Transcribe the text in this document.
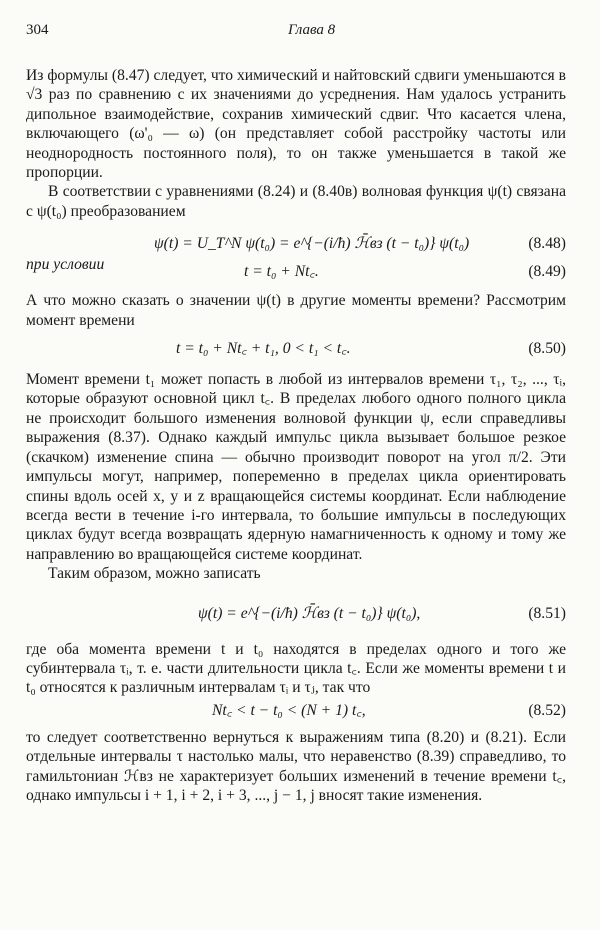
304	Глава 8

Из формулы (8.47) следует, что химический и найтовский сдвиги уменьшаются в √3 раз по сравнению с их значениями до усреднения. Нам удалось устранить дипольное взаимодействие, сохранив химический сдвиг. Что касается члена, включающего (ω'₀ — ω) (он представляет собой расстройку частоты или неоднородность постоянного поля), то он также уменьшается в такой же пропорции.

В соответствии с уравнениями (8.24) и (8.40в) волновая функция ψ(t) связана с ψ(t₀) преобразованием

ψ(t) = U_T^N ψ(t₀) = e^{−(i/ħ) ℋ̄вз (t − t₀)} ψ(t₀)	(8.48)
при условии	t = t₀ + Nt꜀.	(8.49)

А что можно сказать о значении ψ(t) в другие моменты времени? Рассмотрим момент времени

t = t₀ + Nt꜀ + t₁, 0 < t₁ < t꜀.	(8.50)

Момент времени t₁ может попасть в любой из интервалов времени τ₁, τ₂, ..., τᵢ, которые образуют основной цикл t꜀. В пределах любого одного полного цикла не происходит большого изменения волновой функции ψ, если справедливы выражения (8.37). Однако каждый импульс цикла вызывает большое резкое (скачком) изменение спина — обычно производит поворот на угол π/2. Эти импульсы могут, например, попеременно в пределах цикла ориентировать спины вдоль осей x, y и z вращающейся системы координат. Если наблюдение всегда вести в течение i-го интервала, то большие импульсы в последующих циклах будут всегда возвращать ядерную намагниченность к одному и тому же направлению во вращающейся системе координат.

Таким образом, можно записать

ψ(t) = e^{−(i/ħ) ℋ̄вз (t − t₀)} ψ(t₀),	(8.51)

где оба момента времени t и t₀ находятся в пределах одного и того же субинтервала τᵢ, т. е. части длительности цикла t꜀. Если же моменты времени t и t₀ относятся к различным интервалам τᵢ и τⱼ, так что

Nt꜀ < t − t₀ < (N + 1) t꜀,	(8.52)

то следует соответственно вернуться к выражениям типа (8.20) и (8.21). Если отдельные интервалы τ настолько малы, что неравенство (8.39) справедливо, то гамильтониан ℋвз не характеризует больших изменений в течение времени t꜀, однако импульсы i + 1, i + 2, i + 3, ..., j − 1, j вносят такие изменения.
